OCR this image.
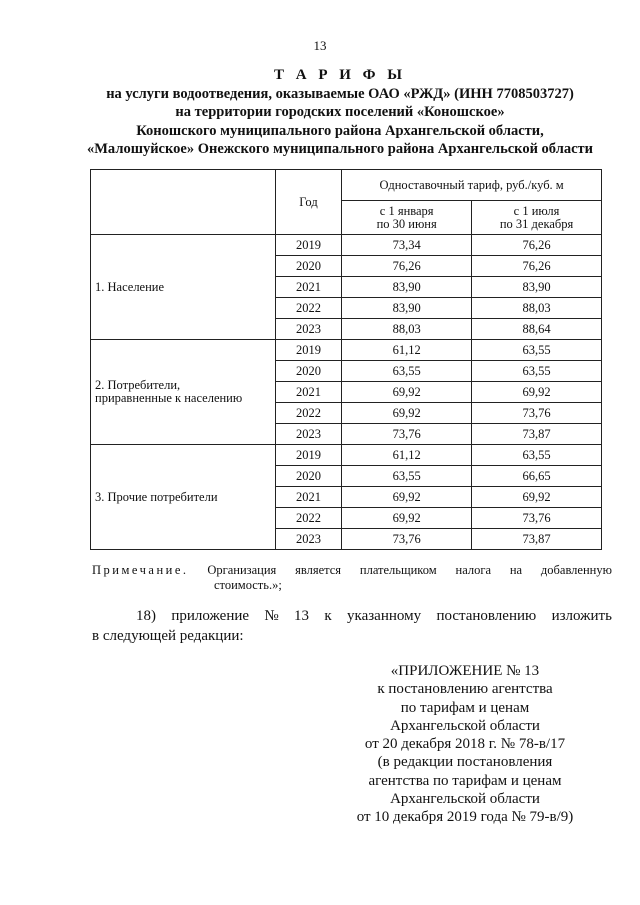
13
Т А Р И Ф Ы
на услуги водоотведения, оказываемые ОАО «РЖД» (ИНН 7708503727)
на территории городских поселений «Коношское»
Коношского муниципального района Архангельской области,
«Малошуйское» Онежского муниципального района Архангельской области
	Год	Одноставочный тариф, руб./куб. м	
		с 1 января
по 30 июня	с 1 июля
по 31 декабря
1. Население	2019	73,34	76,26
	2020	76,26	76,26
	2021	83,90	83,90
	2022	83,90	88,03
	2023	88,03	88,64
2. Потребители,
приравненные к населению	2019	61,12	63,55
	2020	63,55	63,55
	2021	69,92	69,92
	2022	69,92	73,76
	2023	73,76	73,87
3. Прочие потребители	2019	61,12	63,55
	2020	63,55	66,65
	2021	69,92	69,92
	2022	69,92	73,76
	2023	73,76	73,87
Примечание. Организация является плательщиком налога на добавленную
стоимость.»;
18) приложение № 13 к указанному постановлению изложить
в следующей редакции:
«ПРИЛОЖЕНИЕ № 13
к постановлению агентства
по тарифам и ценам
Архангельской области
от 20 декабря 2018 г. № 78-в/17
(в редакции постановления
агентства по тарифам и ценам
Архангельской области
от 10 декабря 2019 года № 79-в/9)
